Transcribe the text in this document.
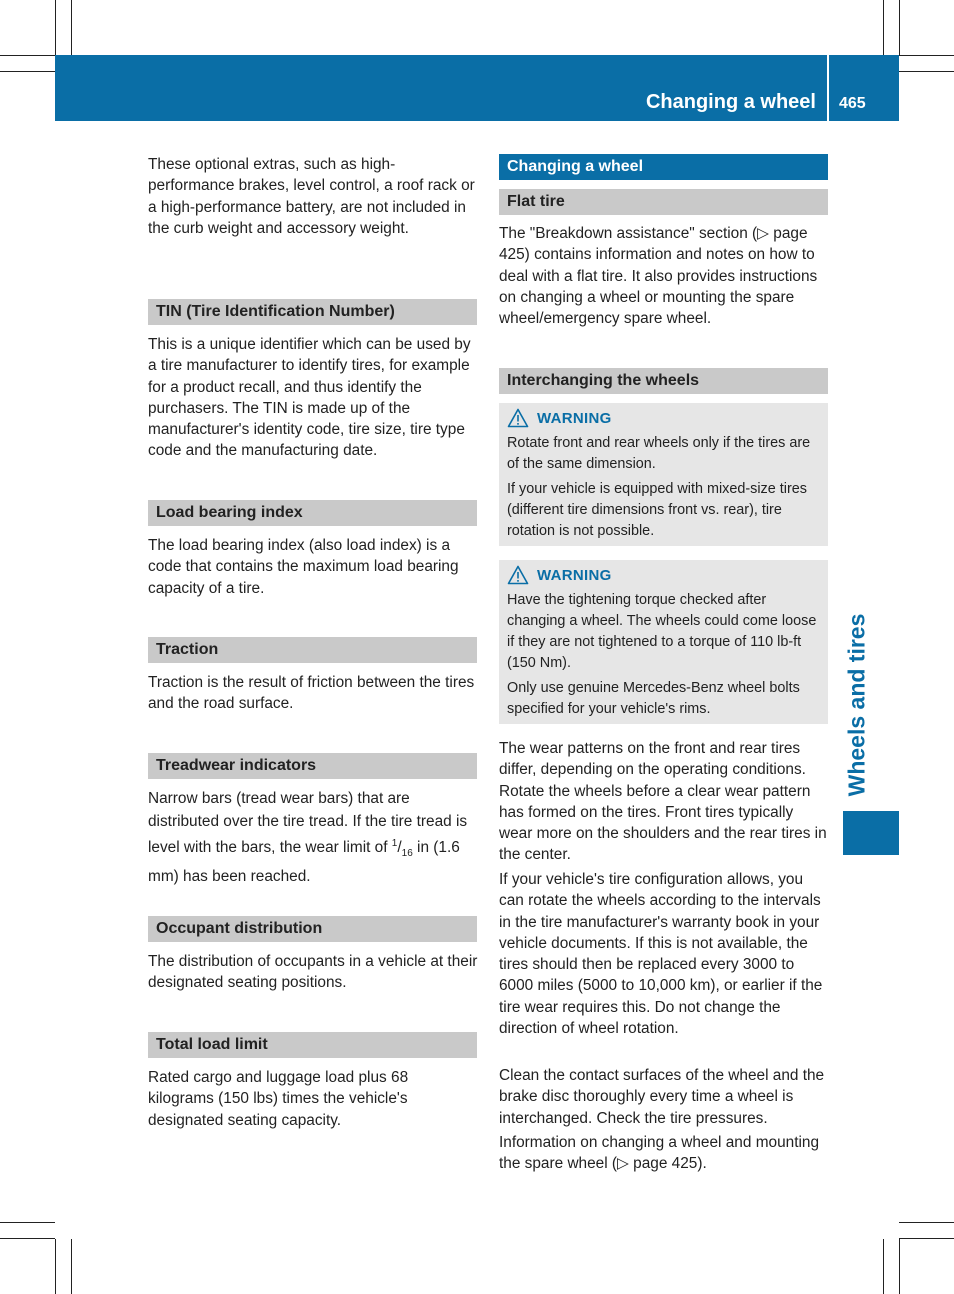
Changing a wheel 465
Wheels and tires
These optional extras, such as high-performance brakes, level control, a roof rack or a high-performance battery, are not included in the curb weight and accessory weight.
TIN (Tire Identification Number)
This is a unique identifier which can be used by a tire manufacturer to identify tires, for example for a product recall, and thus identify the purchasers. The TIN is made up of the manufacturer's identity code, tire size, tire type code and the manufacturing date.
Load bearing index
The load bearing index (also load index) is a code that contains the maximum load bearing capacity of a tire.
Traction
Traction is the result of friction between the tires and the road surface.
Treadwear indicators
Narrow bars (tread wear bars) that are distributed over the tire tread. If the tire tread is level with the bars, the wear limit of $^1/_{16}$ in (1.6 mm) has been reached.
Occupant distribution
The distribution of occupants in a vehicle at their designated seating positions.
Total load limit
Rated cargo and luggage load plus 68 kilograms (150 lbs) times the vehicle's designated seating capacity.
Changing a wheel
Flat tire
The "Breakdown assistance" section (▷ page 425) contains information and notes on how to deal with a flat tire. It also provides instructions on changing a wheel or mounting the spare wheel/emergency spare wheel.
Interchanging the wheels
WARNING
Rotate front and rear wheels only if the tires are of the same dimension.
If your vehicle is equipped with mixed-size tires (different tire dimensions front vs. rear), tire rotation is not possible.
WARNING
Have the tightening torque checked after changing a wheel. The wheels could come loose if they are not tightened to a torque of 110 lb-ft (150 Nm).
Only use genuine Mercedes-Benz wheel bolts specified for your vehicle's rims.
The wear patterns on the front and rear tires differ, depending on the operating conditions. Rotate the wheels before a clear wear pattern has formed on the tires. Front tires typically wear more on the shoulders and the rear tires in the center.
If your vehicle's tire configuration allows, you can rotate the wheels according to the intervals in the tire manufacturer's warranty book in your vehicle documents. If this is not available, the tires should then be replaced every 3000 to 6000 miles (5000 to 10,000 km), or earlier if the tire wear requires this. Do not change the direction of wheel rotation.
Clean the contact surfaces of the wheel and the brake disc thoroughly every time a wheel is interchanged. Check the tire pressures.
Information on changing a wheel and mounting the spare wheel (▷ page 425).
